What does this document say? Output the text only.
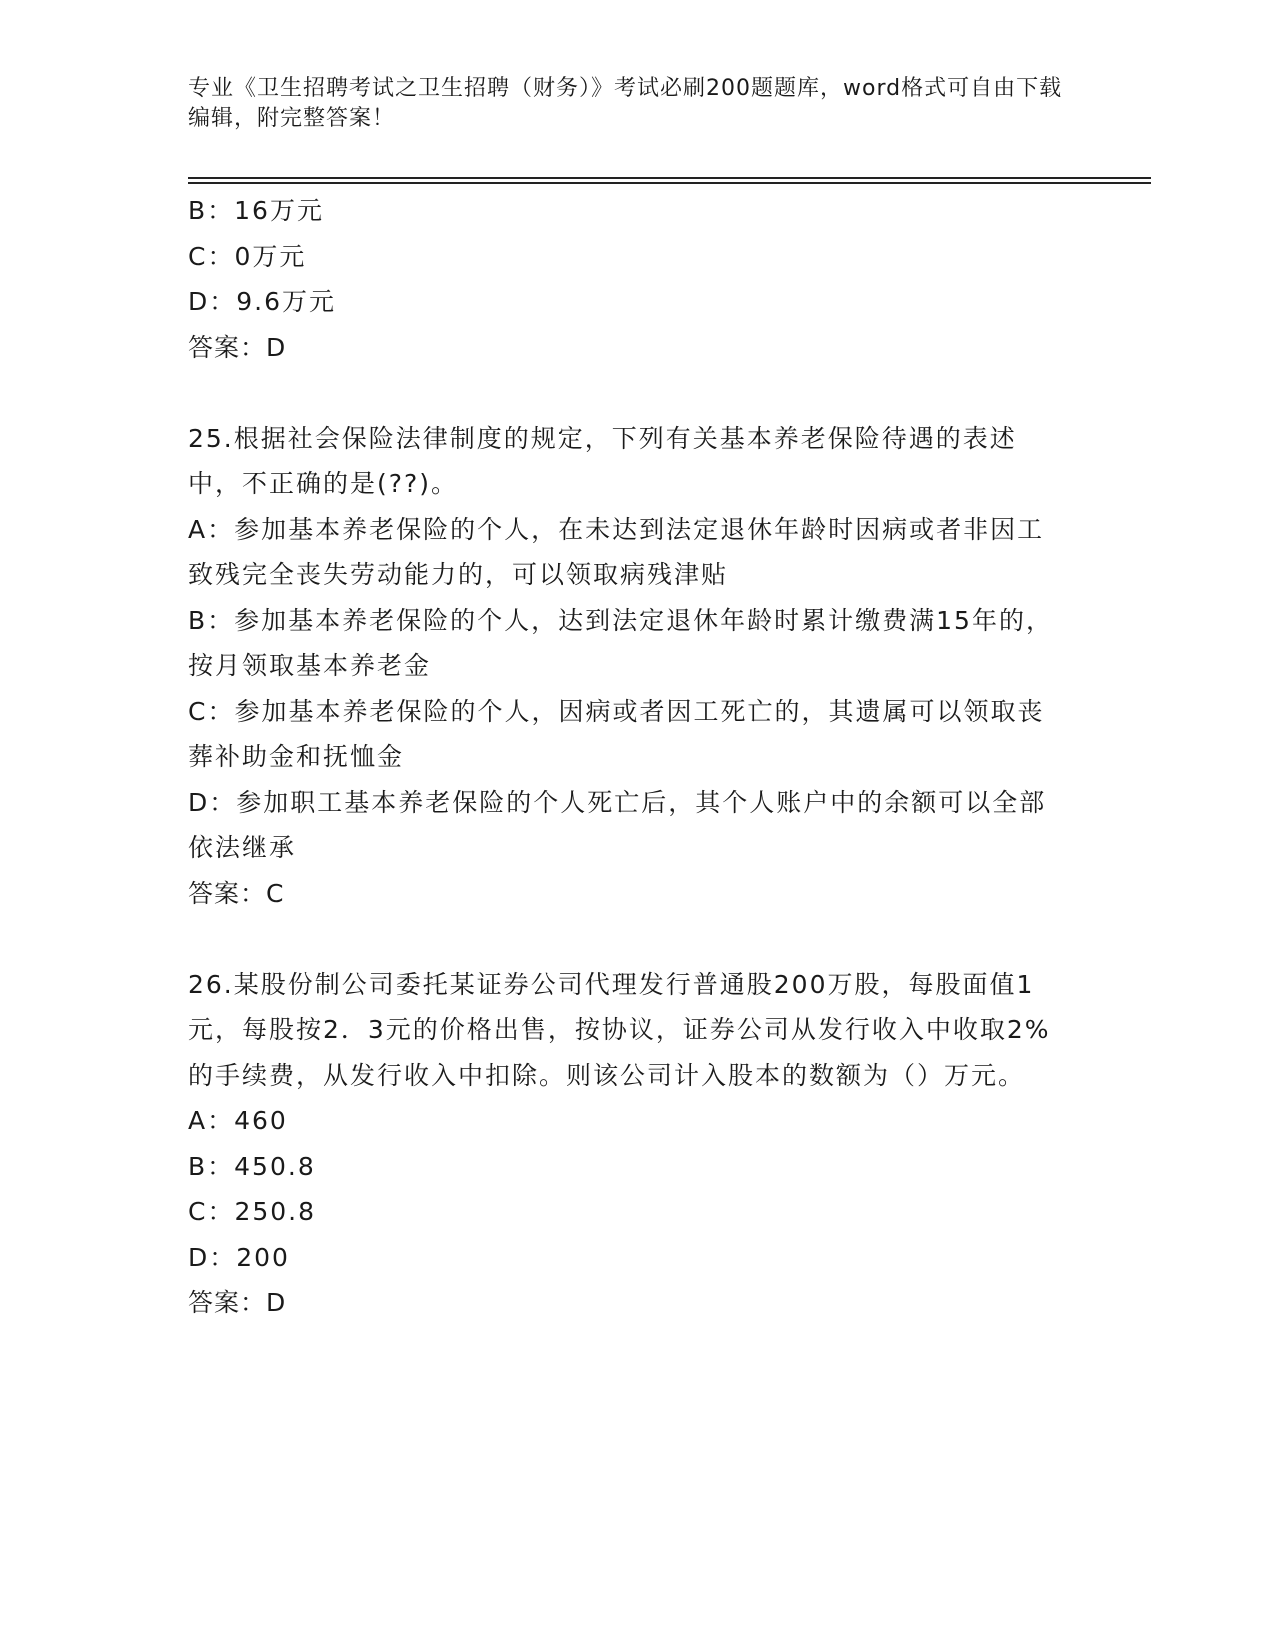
专业《卫生招聘考试之卫生招聘（财务）》考试必刷200题题库，word格式可自由下载编辑，附完整答案！
B：16万元
C：0万元
D：9.6万元
答案：D
25.根据社会保险法律制度的规定，下列有关基本养老保险待遇的表述中，不正确的是(??)。
A：参加基本养老保险的个人，在未达到法定退休年龄时因病或者非因工致残完全丧失劳动能力的，可以领取病残津贴
B：参加基本养老保险的个人，达到法定退休年龄时累计缴费满15年的，按月领取基本养老金
C：参加基本养老保险的个人，因病或者因工死亡的，其遗属可以领取丧葬补助金和抚恤金
D：参加职工基本养老保险的个人死亡后，其个人账户中的余额可以全部依法继承
答案：C
26.某股份制公司委托某证券公司代理发行普通股200万股，每股面值1元，每股按2．3元的价格出售，按协议，证券公司从发行收入中收取2%的手续费，从发行收入中扣除。则该公司计入股本的数额为（）万元。
A：460
B：450.8
C：250.8
D：200
答案：D
